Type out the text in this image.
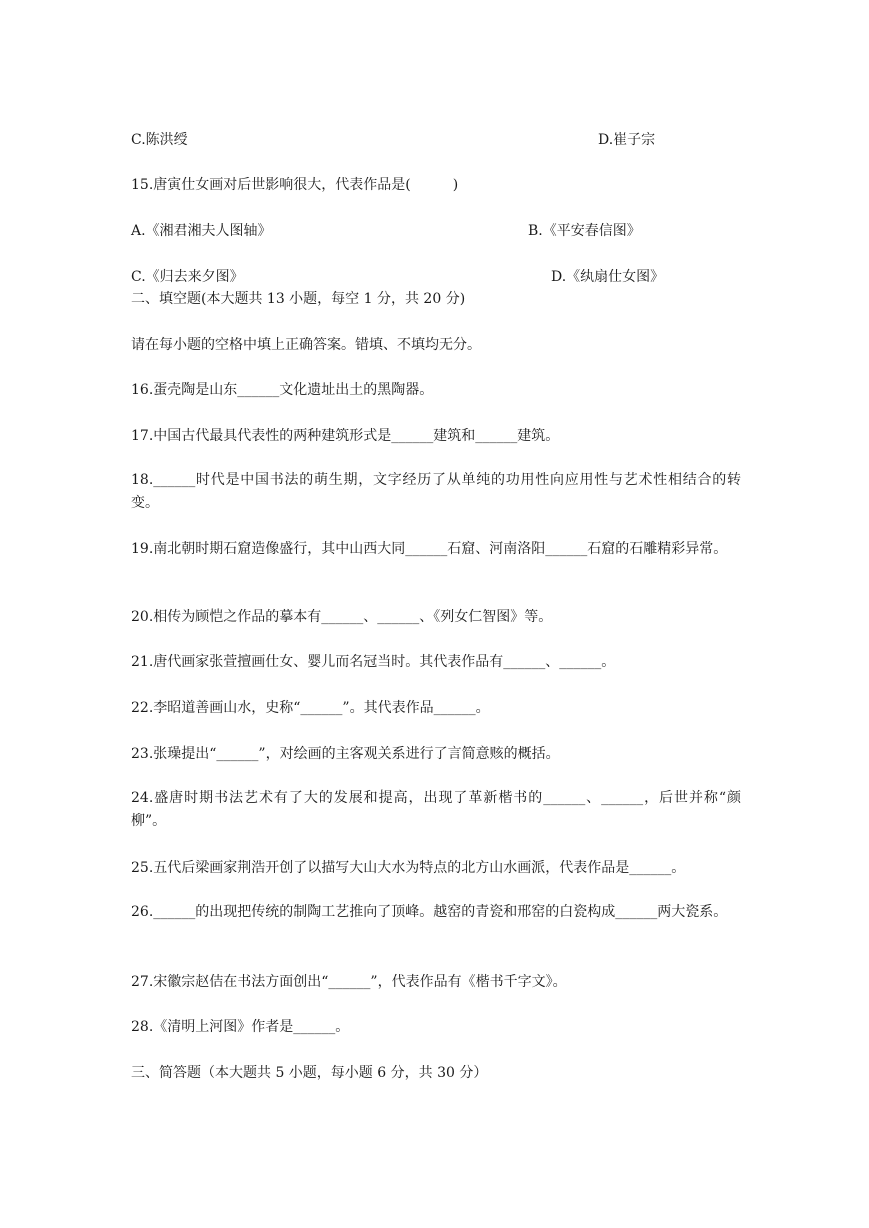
C.陈洪绶	D.崔子宗
15.唐寅仕女画对后世影响很大，代表作品是(　　　)
A.《湘君湘夫人图轴》	B.《平安春信图》
C.《归去来夕图》	D.《纨扇仕女图》
二、填空题(本大题共 13 小题，每空 1 分，共 20 分)
请在每小题的空格中填上正确答案。错填、不填均无分。
16.蛋壳陶是山东______文化遗址出土的黑陶器。
17.中国古代最具代表性的两种建筑形式是______建筑和______建筑。
18.______时代是中国书法的萌生期，文字经历了从单纯的功用性向应用性与艺术性相结合的转变。
19.南北朝时期石窟造像盛行，其中山西大同______石窟、河南洛阳______石窟的石雕精彩异常。
20.相传为顾恺之作品的摹本有______、______、《列女仁智图》等。
21.唐代画家张萱擅画仕女、婴儿而名冠当时。其代表作品有______、______。
22.李昭道善画山水，史称“______”。其代表作品______。
23.张璪提出“______”，对绘画的主客观关系进行了言简意赅的概括。
24.盛唐时期书法艺术有了大的发展和提高，出现了革新楷书的______、______，后世并称“颜柳”。
25.五代后梁画家荆浩开创了以描写大山大水为特点的北方山水画派，代表作品是______。
26.______的出现把传统的制陶工艺推向了顶峰。越窑的青瓷和邢窑的白瓷构成______两大瓷系。
27.宋徽宗赵佶在书法方面创出“______”，代表作品有《楷书千字文》。
28.《清明上河图》作者是______。
三、简答题（本大题共 5 小题，每小题 6 分，共 30 分）
